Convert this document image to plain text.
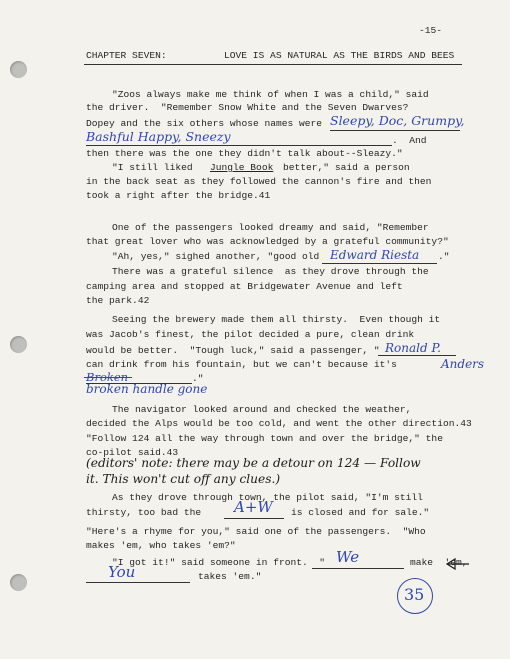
-15-
CHAPTER SEVEN:	LOVE IS AS NATURAL AS THE BIRDS AND BEES
"Zoos always make me think of when I was a child," said
the driver.  "Remember Snow White and the Seven Dwarves?
Dopey and the six others whose names were Sleepy, Doc, Grumpy,
Bashful Happy, Sneezy	.  And
then there was the one they didn't talk about--Sleazy."
"I still liked Jungle Book better," said a person
in the back seat as they followed the cannon's fire and then
took a right after the bridge.41
One of the passengers looked dreamy and said, "Remember
that great lover who was acknowledged by a grateful community?"
"Ah, yes," sighed another, "good old Edward Riesta ."
There was a grateful silence  as they drove through the
camping area and stopped at Bridgewater Avenue and left
the park.42
Seeing the brewery made them all thirsty.  Even though it
was Jacob's finest, the pilot decided a pure, clean drink
would be better.  "Tough luck," said a passenger, " Ronald P.
Anders
can drink from his fountain, but we can't because it's
Broken	."
broken handle gone
The navigator looked around and checked the weather,
decided the Alps would be too cold, and went the other direction.43
"Follow 124 all the way through town and over the bridge," the
co-pilot said.43
(editors' note: there may be a detour on 124 — Follow
it. This won't cut off any clues.)
As they drove through town, the pilot said, "I'm still
thirsty, too bad the A+W is closed and for sale."
"Here's a rhyme for you," said one of the passengers.  "Who
makes 'em, who takes 'em?"
"I got it!" said someone in front.  " We	make  'em,
You	takes 'em."
35
